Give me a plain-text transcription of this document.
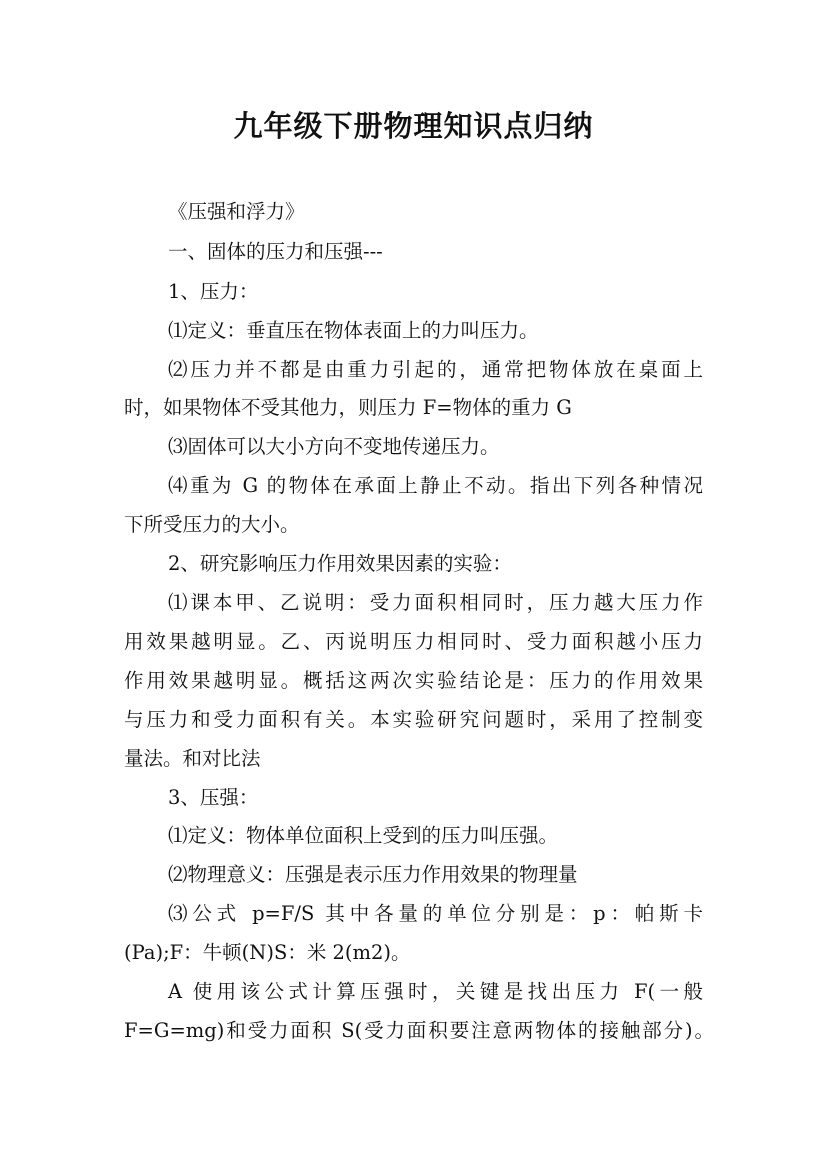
九年级下册物理知识点归纳
《压强和浮力》
一、固体的压力和压强---
1、压力：
⑴定义：垂直压在物体表面上的力叫压力。
⑵压力并不都是由重力引起的，通常把物体放在桌面上
时，如果物体不受其他力，则压力 F=物体的重力 G
⑶固体可以大小方向不变地传递压力。
⑷重为 G 的物体在承面上静止不动。指出下列各种情况
下所受压力的大小。
2、研究影响压力作用效果因素的实验：
⑴课本甲、乙说明：受力面积相同时，压力越大压力作
用效果越明显。乙、丙说明压力相同时、受力面积越小压力
作用效果越明显。概括这两次实验结论是：压力的作用效果
与压力和受力面积有关。本实验研究问题时，采用了控制变
量法。和对比法
3、压强：
⑴定义：物体单位面积上受到的压力叫压强。
⑵物理意义：压强是表示压力作用效果的物理量
⑶公式 p=F/S 其中各量的单位分别是：p：帕斯卡
(Pa);F：牛顿(N)S：米 2(m2)。
A 使用该公式计算压强时，关键是找出压力 F(一般
F=G=mg)和受力面积 S(受力面积要注意两物体的接触部分)。
